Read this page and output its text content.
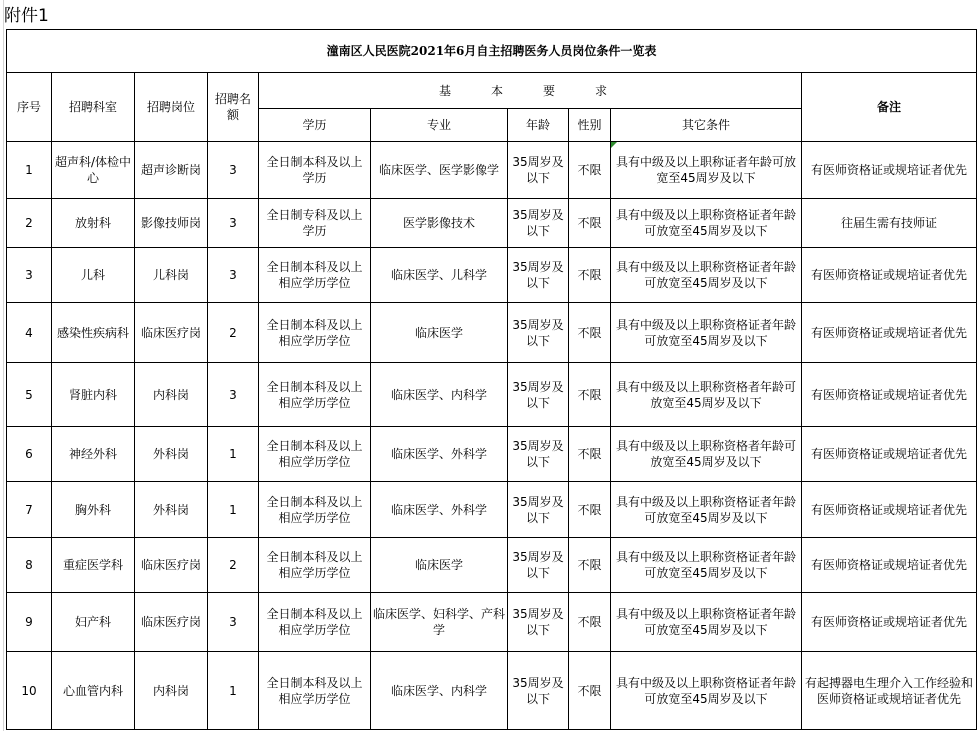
附件1
潼南区人民医院2021年6月自主招聘医务人员岗位条件一览表									
序号	招聘科室	招聘岗位	招聘名额	基　本　要　求					备注
				学历	专业	年龄	性别	其它条件	
1	超声科/体检中心	超声诊断岗	3	全日制本科及以上学历	临床医学、医学影像学	35周岁及以下	不限	具有中级及以上职称证者年龄可放宽至45周岁及以下	有医师资格证或规培证者优先
2	放射科	影像技师岗	3	全日制专科及以上学历	医学影像技术	35周岁及以下	不限	具有中级及以上职称资格证者年龄可放宽至45周岁及以下	往届生需有技师证
3	儿科	儿科岗	3	全日制本科及以上相应学历学位	临床医学、儿科学	35周岁及以下	不限	具有中级及以上职称资格证者年龄可放宽至45周岁及以下	有医师资格证或规培证者优先
4	感染性疾病科	临床医疗岗	2	全日制本科及以上相应学历学位	临床医学	35周岁及以下	不限	具有中级及以上职称资格证者年龄可放宽至45周岁及以下	有医师资格证或规培证者优先
5	肾脏内科	内科岗	3	全日制本科及以上相应学历学位	临床医学、内科学	35周岁及以下	不限	具有中级及以上职称资格者年龄可放宽至45周岁及以下	有医师资格证或规培证者优先
6	神经外科	外科岗	1	全日制本科及以上相应学历学位	临床医学、外科学	35周岁及以下	不限	具有中级及以上职称资格者年龄可放宽至45周岁及以下	有医师资格证或规培证者优先
7	胸外科	外科岗	1	全日制本科及以上相应学历学位	临床医学、外科学	35周岁及以下	不限	具有中级及以上职称资格证者年龄可放宽至45周岁及以下	有医师资格证或规培证者优先
8	重症医学科	临床医疗岗	2	全日制本科及以上相应学历学位	临床医学	35周岁及以下	不限	具有中级及以上职称资格证者年龄可放宽至45周岁及以下	有医师资格证或规培证者优先
9	妇产科	临床医疗岗	3	全日制本科及以上相应学历学位	临床医学、妇科学、产科学	35周岁及以下	不限	具有中级及以上职称资格证者年龄可放宽至45周岁及以下	有医师资格证或规培证者优先
10	心血管内科	内科岗	1	全日制本科及以上相应学历学位	临床医学、内科学	35周岁及以下	不限	具有中级及以上职称资格证者年龄可放宽至45周岁及以下	有起搏器电生理介入工作经验和医师资格证或规培证者优先
